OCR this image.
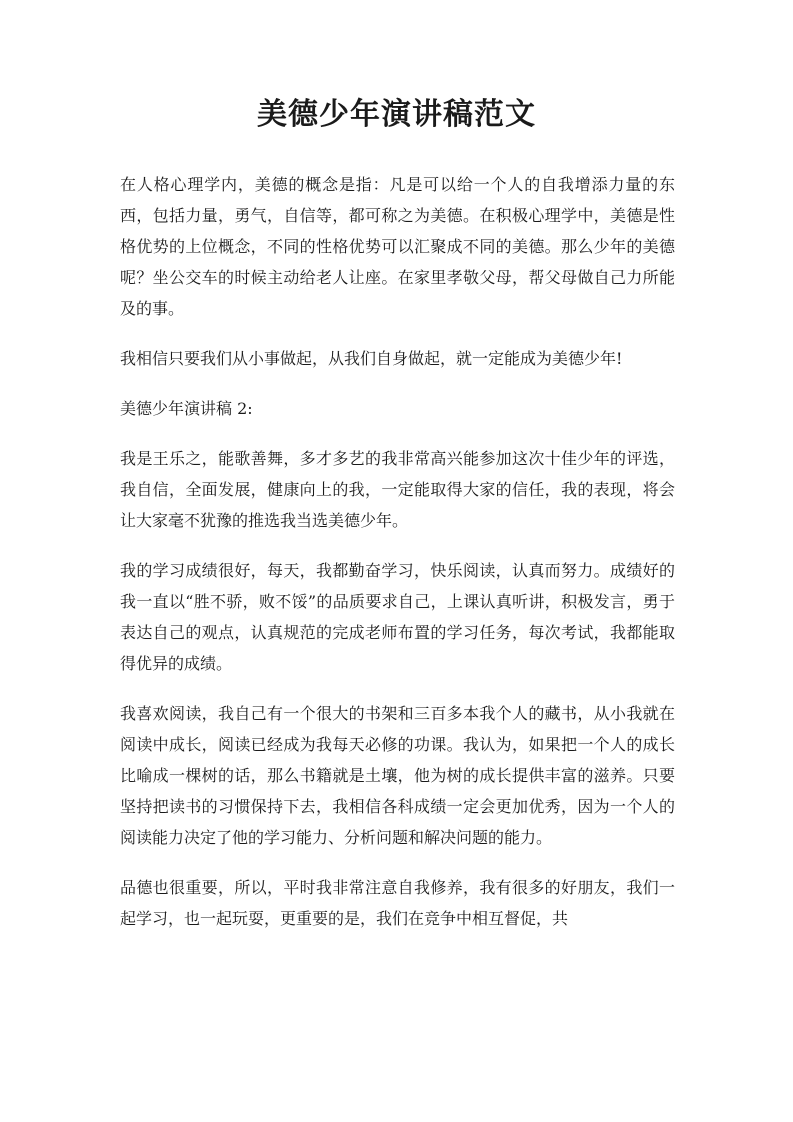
美德少年演讲稿范文

在人格心理学内，美德的概念是指：凡是可以给一个人的自我增添力量的东西，包括力量，勇气，自信等，都可称之为美德。在积极心理学中，美德是性格优势的上位概念，不同的性格优势可以汇聚成不同的美德。那么少年的美德呢？坐公交车的时候主动给老人让座。在家里孝敬父母，帮父母做自己力所能及的事。

我相信只要我们从小事做起，从我们自身做起，就一定能成为美德少年!

美德少年演讲稿 2:

我是王乐之，能歌善舞，多才多艺的我非常高兴能参加这次十佳少年的评选，我自信，全面发展，健康向上的我，一定能取得大家的信任，我的表现，将会让大家毫不犹豫的推选我当选美德少年。

我的学习成绩很好，每天，我都勤奋学习，快乐阅读，认真而努力。成绩好的我一直以“胜不骄，败不馁”的品质要求自己，上课认真听讲，积极发言，勇于表达自己的观点，认真规范的完成老师布置的学习任务，每次考试，我都能取得优异的成绩。

我喜欢阅读，我自己有一个很大的书架和三百多本我个人的藏书，从小我就在阅读中成长，阅读已经成为我每天必修的功课。我认为，如果把一个人的成长比喻成一棵树的话，那么书籍就是土壤，他为树的成长提供丰富的滋养。只要坚持把读书的习惯保持下去，我相信各科成绩一定会更加优秀，因为一个人的阅读能力决定了他的学习能力、分析问题和解决问题的能力。

品德也很重要，所以，平时我非常注意自我修养，我有很多的好朋友，我们一起学习，也一起玩耍，更重要的是，我们在竞争中相互督促，共
